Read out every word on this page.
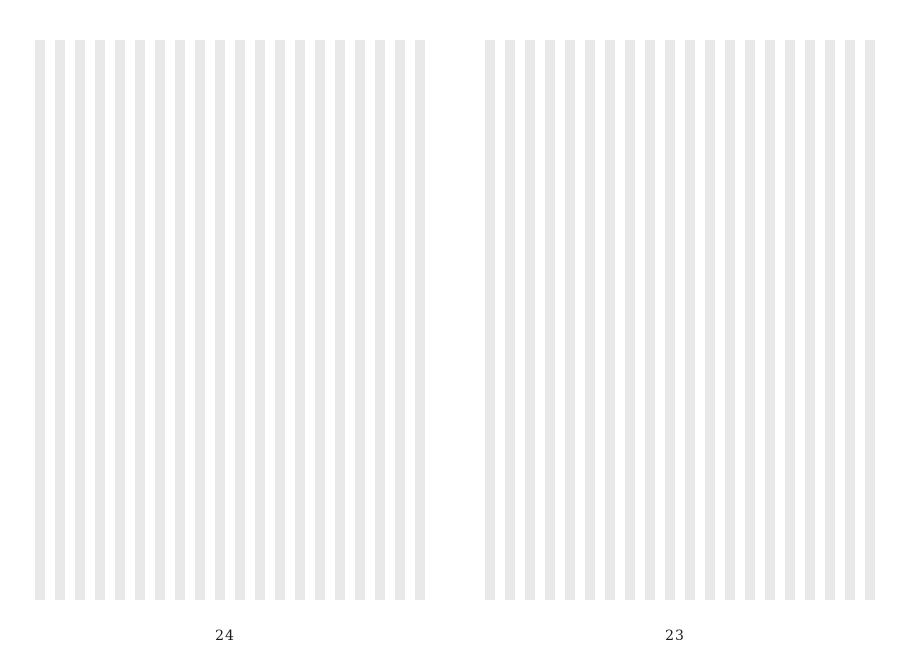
24	23
